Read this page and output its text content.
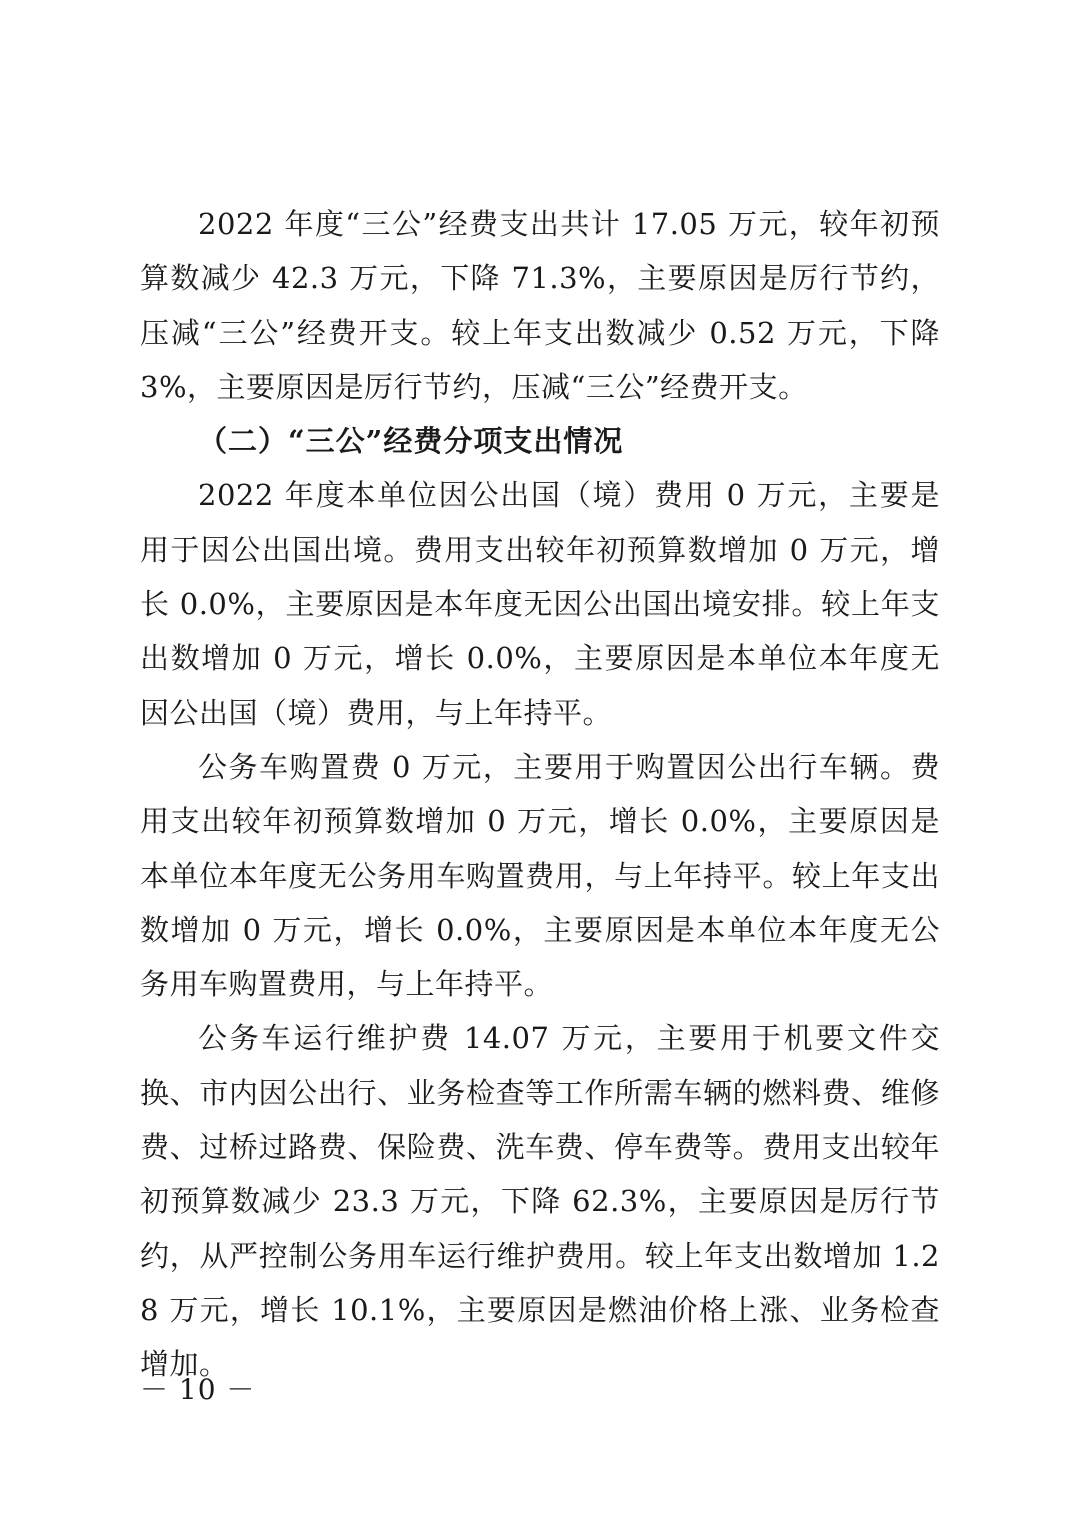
2022 年度“三公”经费支出共计 17.05 万元，较年初预算数减少 42.3 万元，下降 71.3%，主要原因是厉行节约，压减“三公”经费开支。较上年支出数减少 0.52 万元，下降 3%，主要原因是厉行节约，压减“三公”经费开支。

（二）“三公”经费分项支出情况

2022 年度本单位因公出国（境）费用 0 万元，主要是用于因公出国出境。费用支出较年初预算数增加 0 万元，增长 0.0%，主要原因是本年度无因公出国出境安排。较上年支出数增加 0 万元，增长 0.0%，主要原因是本单位本年度无因公出国（境）费用，与上年持平。

公务车购置费 0 万元，主要用于购置因公出行车辆。费用支出较年初预算数增加 0 万元，增长 0.0%，主要原因是本单位本年度无公务用车购置费用，与上年持平。较上年支出数增加 0 万元，增长 0.0%，主要原因是本单位本年度无公务用车购置费用，与上年持平。

公务车运行维护费 14.07 万元，主要用于机要文件交换、市内因公出行、业务检查等工作所需车辆的燃料费、维修费、过桥过路费、保险费、洗车费、停车费等。费用支出较年初预算数减少 23.3 万元，下降 62.3%，主要原因是厉行节约，从严控制公务用车运行维护费用。较上年支出数增加 1.28 万元，增长 10.1%，主要原因是燃油价格上涨、业务检查增加。

－ 10 －
